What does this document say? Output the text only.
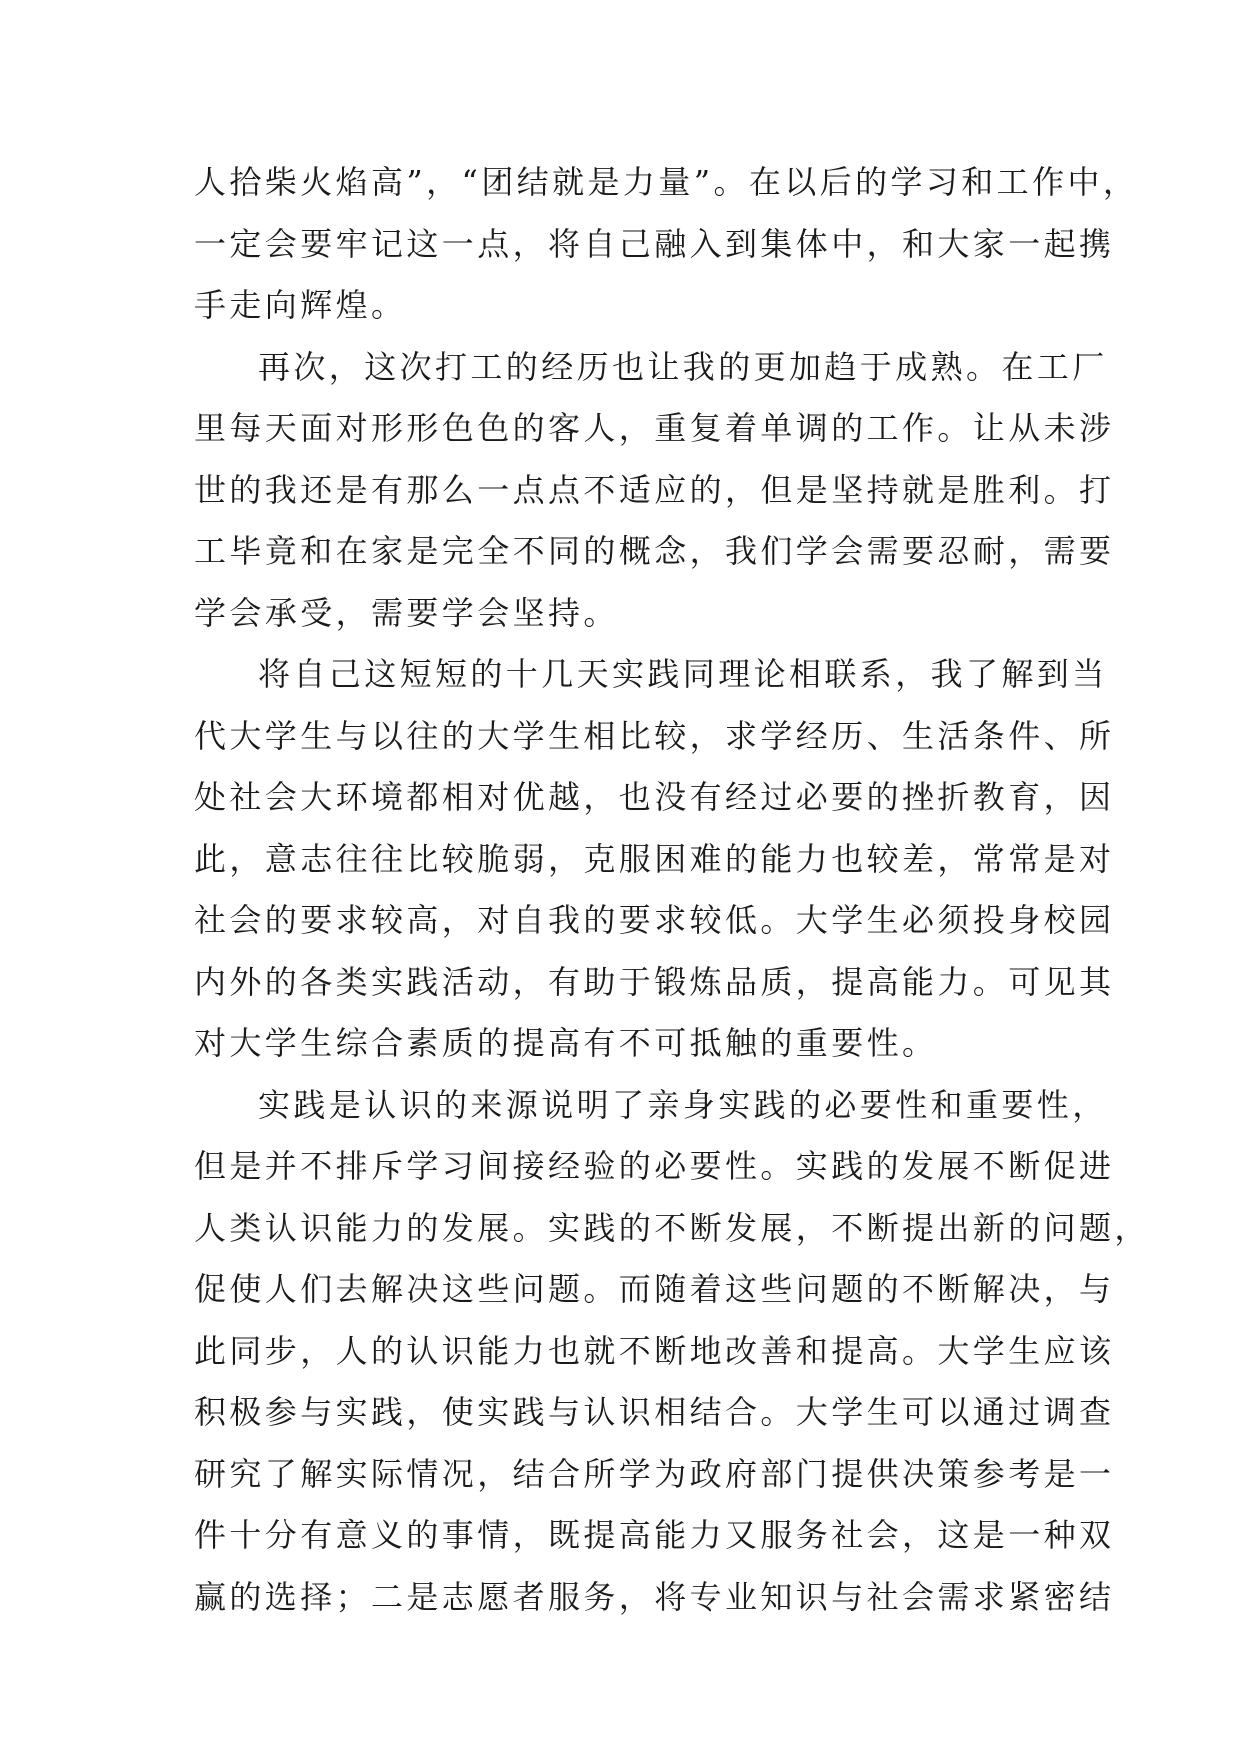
人拾柴火焰高”，“团结就是力量”。在以后的学习和工作中，
一定会要牢记这一点，将自己融入到集体中，和大家一起携
手走向辉煌。
再次，这次打工的经历也让我的更加趋于成熟。在工厂
里每天面对形形色色的客人，重复着单调的工作。让从未涉
世的我还是有那么一点点不适应的，但是坚持就是胜利。打
工毕竟和在家是完全不同的概念，我们学会需要忍耐，需要
学会承受，需要学会坚持。
将自己这短短的十几天实践同理论相联系，我了解到当
代大学生与以往的大学生相比较，求学经历、生活条件、所
处社会大环境都相对优越，也没有经过必要的挫折教育，因
此，意志往往比较脆弱，克服困难的能力也较差，常常是对
社会的要求较高，对自我的要求较低。大学生必须投身校园
内外的各类实践活动，有助于锻炼品质，提高能力。可见其
对大学生综合素质的提高有不可抵触的重要性。
实践是认识的来源说明了亲身实践的必要性和重要性，
但是并不排斥学习间接经验的必要性。实践的发展不断促进
人类认识能力的发展。实践的不断发展，不断提出新的问题，
促使人们去解决这些问题。而随着这些问题的不断解决，与
此同步，人的认识能力也就不断地改善和提高。大学生应该
积极参与实践，使实践与认识相结合。大学生可以通过调查
研究了解实际情况，结合所学为政府部门提供决策参考是一
件十分有意义的事情，既提高能力又服务社会，这是一种双
赢的选择；二是志愿者服务，将专业知识与社会需求紧密结
